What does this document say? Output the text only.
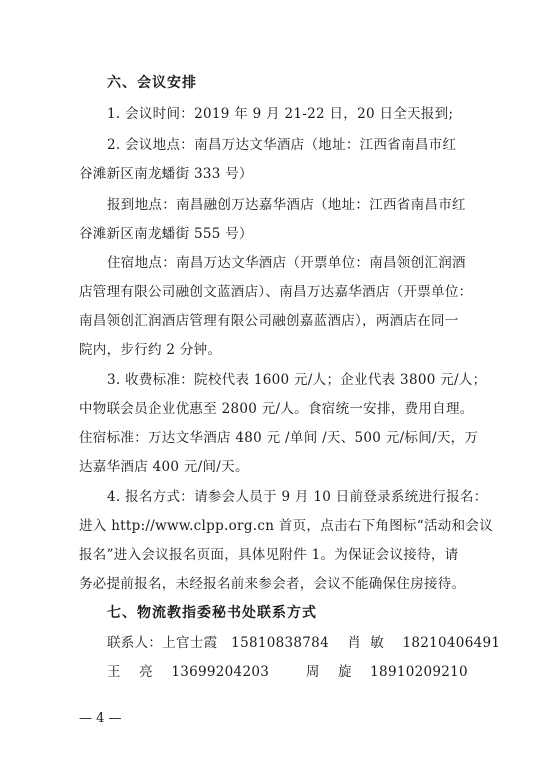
六、会议安排
1. 会议时间：2019 年 9 月 21-22 日，20 日全天报到;
2. 会议地点：南昌万达文华酒店（地址：江西省南昌市红
谷滩新区南龙蟠街 333 号）
报到地点：南昌融创万达嘉华酒店（地址：江西省南昌市红
谷滩新区南龙蟠街 555 号）
住宿地点：南昌万达文华酒店（开票单位：南昌领创汇润酒
店管理有限公司融创文蓝酒店）、南昌万达嘉华酒店（开票单位：
南昌领创汇润酒店管理有限公司融创嘉蓝酒店），两酒店在同一
院内，步行约 2 分钟。
3. 收费标准：院校代表 1600 元/人；企业代表 3800 元/人；
中物联会员企业优惠至 2800 元/人。食宿统一安排，费用自理。
住宿标准：万达文华酒店 480 元 /单间 /天、500 元/标间/天，万
达嘉华酒店 400 元/间/天。
4. 报名方式：请参会人员于 9 月 10 日前登录系统进行报名：
进入 http://www.clpp.org.cn 首页，点击右下角图标“活动和会议
报名”进入会议报名页面，具体见附件 1。为保证会议接待，请
务必提前报名，未经报名前来参会者，会议不能确保住房接待。
七、物流教指委秘书处联系方式
联系人：上官士霞   15810838784    肖  敏    18210406491
王    亮    13699204203        周    旋    18910209210
— 4 —
